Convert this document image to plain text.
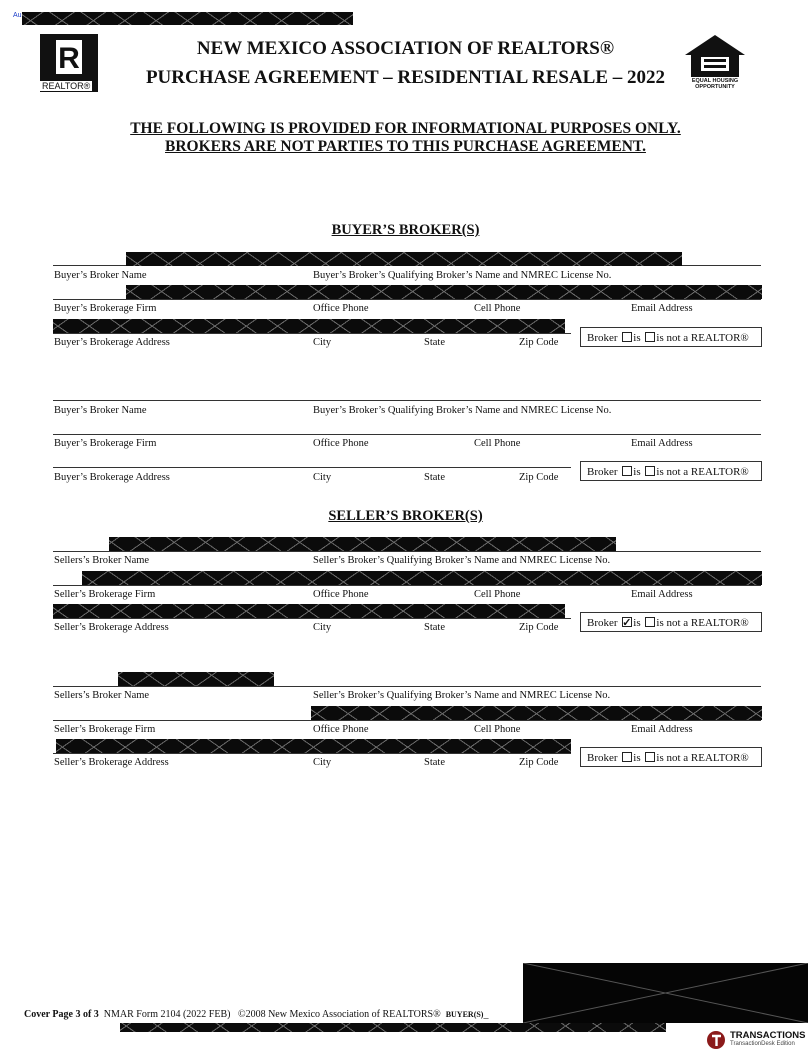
Au
R
REALTOR®
NEW MEXICO ASSOCIATION OF REALTORS®
PURCHASE AGREEMENT – RESIDENTIAL RESALE – 2022	EQUAL HOUSING OPPORTUNITY
THE FOLLOWING IS PROVIDED FOR INFORMATIONAL PURPOSES ONLY.
BROKERS ARE NOT PARTIES TO THIS PURCHASE AGREEMENT.
BUYER’S BROKER(S)
Buyer’s Broker Name	Buyer’s Broker’s Qualifying Broker’s Name and NMREC License No.
Buyer’s Brokerage Firm	Office Phone	Cell Phone	Email Address
Buyer’s Brokerage Address	City	State	Zip Code	Broker is is not a REALTOR®
Buyer’s Broker Name	Buyer’s Broker’s Qualifying Broker’s Name and NMREC License No.
Buyer’s Brokerage Firm	Office Phone	Cell Phone	Email Address
Buyer’s Brokerage Address	City	State	Zip Code	Broker is is not a REALTOR®
SELLER’S BROKER(S)
Sellers’s Broker Name	Seller’s Broker’s Qualifying Broker’s Name and NMREC License No.
Seller’s Brokerage Firm	Office Phone	Cell Phone	Email Address
Seller’s Brokerage Address	City	State	Zip Code	Broker ✓ is is not a REALTOR®
Sellers’s Broker Name	Seller’s Broker’s Qualifying Broker’s Name and NMREC License No.
Seller’s Brokerage Firm	Office Phone	Cell Phone	Email Address
Seller’s Brokerage Address	City	State	Zip Code	Broker is is not a REALTOR®
Cover Page 3 of 3 NMAR Form 2104 (2022 FEB) ©2008 New Mexico Association of REALTORS® BUYER(S)_
TRANSACTIONS
TransactionDesk Edition
